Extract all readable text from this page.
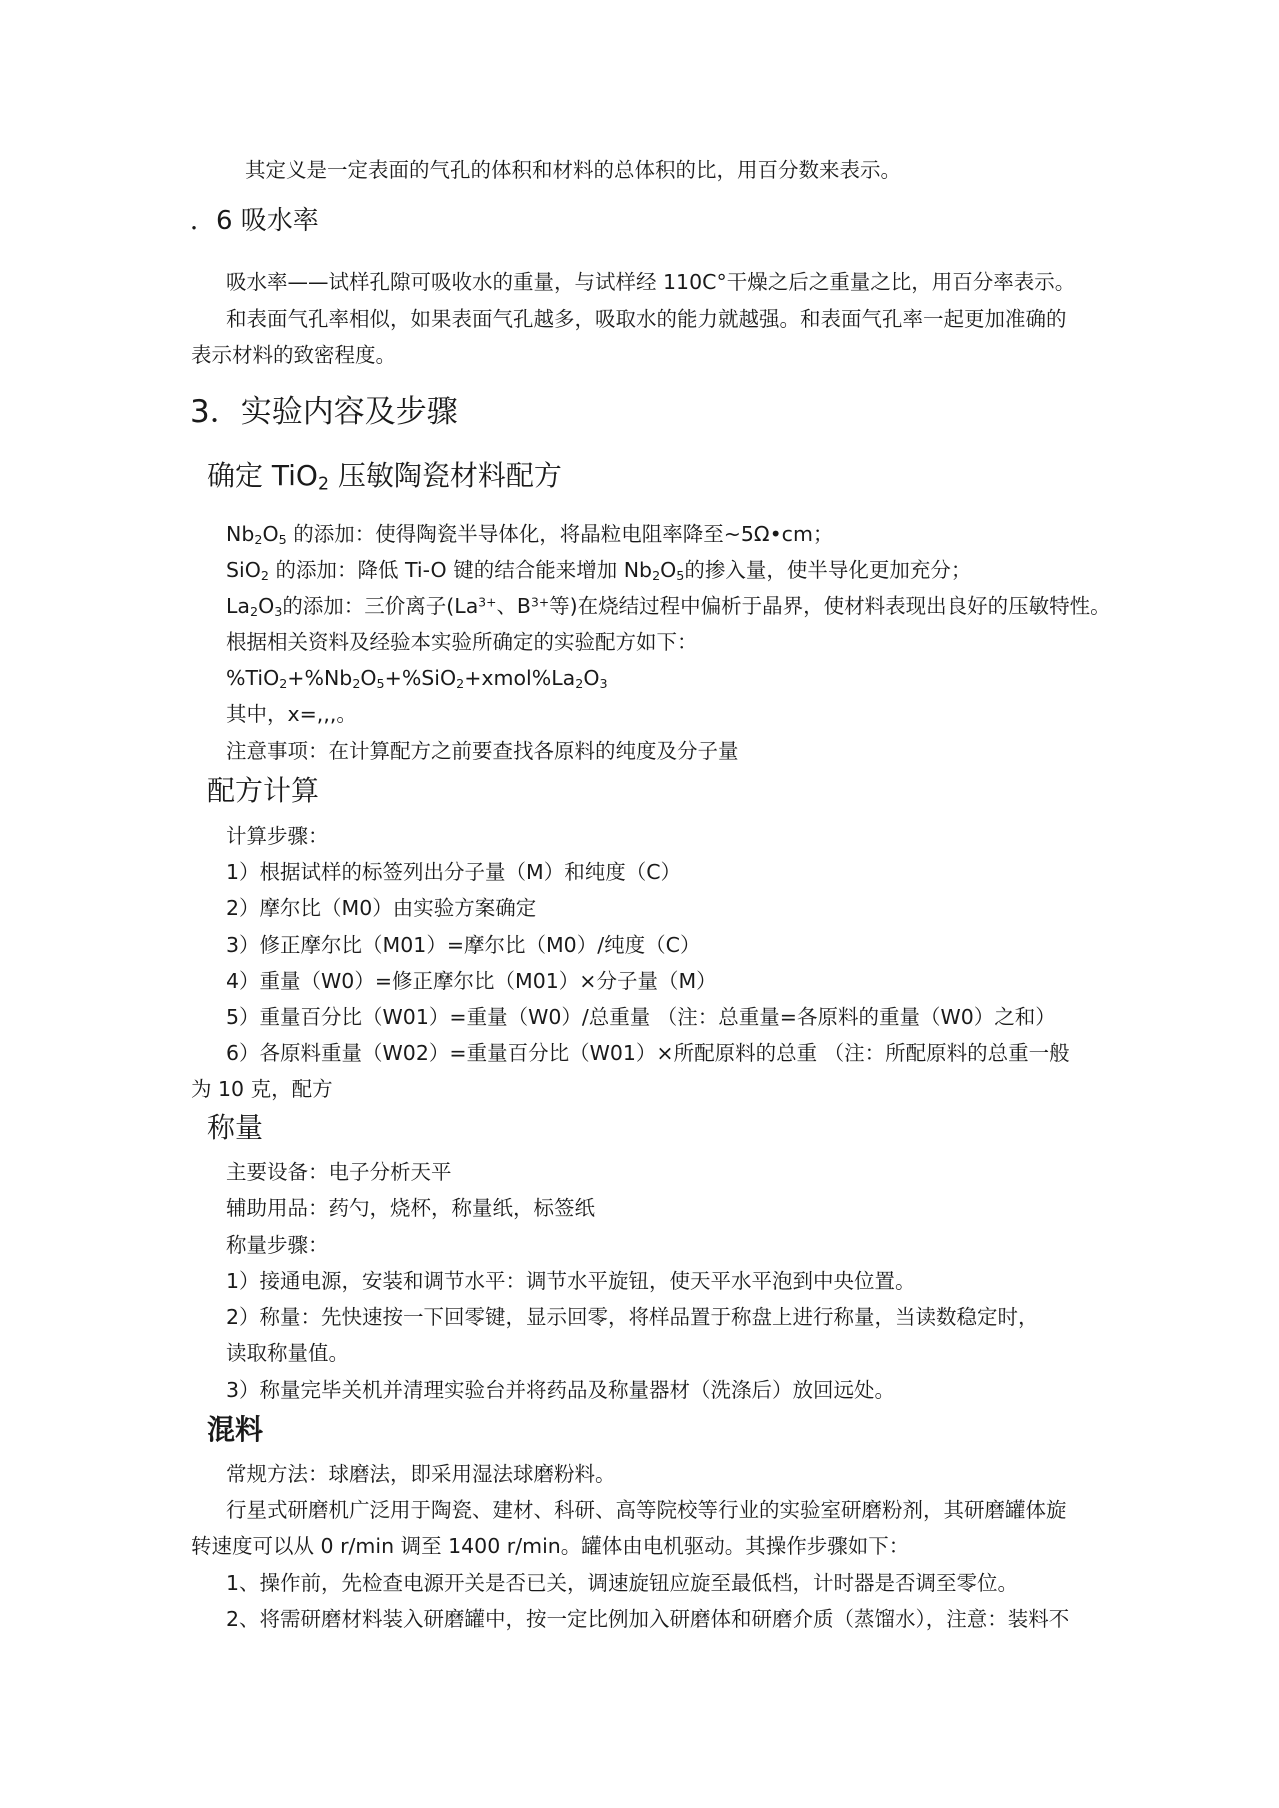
其定义是一定表面的气孔的体积和材料的总体积的比，用百分数来表示。
．6 吸水率
吸水率——试样孔隙可吸收水的重量，与试样经 110C°干燥之后之重量之比，用百分率表示。
和表面气孔率相似，如果表面气孔越多，吸取水的能力就越强。和表面气孔率一起更加准确的
表示材料的致密程度。
3．实验内容及步骤
确定 TiO$_2$ 压敏陶瓷材料配方
$Nb_2O_5$ 的添加：使得陶瓷半导体化，将晶粒电阻率降至~5Ω•cm；
SiO$_2$ 的添加：降低 Ti-O 键的结合能来增加 $Nb_2O_5$的掺入量，使半导化更加充分；
$La_2O_3$的添加：三价离子($La^{3+}$、$B^{3+}$等)在烧结过程中偏析于晶界，使材料表现出良好的压敏特性。
根据相关资料及经验本实验所确定的实验配方如下：
$\%TiO_2+\%Nb_2O_5+\%SiO_2+xmol\%La_2O_3$
其中，x=,,,。
注意事项：在计算配方之前要查找各原料的纯度及分子量
配方计算
计算步骤：
1）根据试样的标签列出分子量（M）和纯度（C）
2）摩尔比（M0）由实验方案确定
3）修正摩尔比（M01）=摩尔比（M0）/纯度（C）
4）重量（W0）=修正摩尔比（M01）×分子量（M）
5）重量百分比（W01）=重量（W0）/总重量 （注：总重量=各原料的重量（W0）之和）
6）各原料重量（W02）=重量百分比（W01）×所配原料的总重 （注：所配原料的总重一般
为 10 克，配方
称量
主要设备：电子分析天平
辅助用品：药勺，烧杯，称量纸，标签纸
称量步骤：
1）接通电源，安装和调节水平：调节水平旋钮，使天平水平泡到中央位置。
2）称量：先快速按一下回零键，显示回零，将样品置于称盘上进行称量，当读数稳定时，
读取称量值。
3）称量完毕关机并清理实验台并将药品及称量器材（洗涤后）放回远处。
混料
常规方法：球磨法，即采用湿法球磨粉料。
行星式研磨机广泛用于陶瓷、建材、科研、高等院校等行业的实验室研磨粉剂，其研磨罐体旋
转速度可以从 0 r/min 调至 1400 r/min。罐体由电机驱动。其操作步骤如下：
1、操作前，先检查电源开关是否已关，调速旋钮应旋至最低档，计时器是否调至零位。
2、将需研磨材料装入研磨罐中，按一定比例加入研磨体和研磨介质（蒸馏水），注意：装料不
